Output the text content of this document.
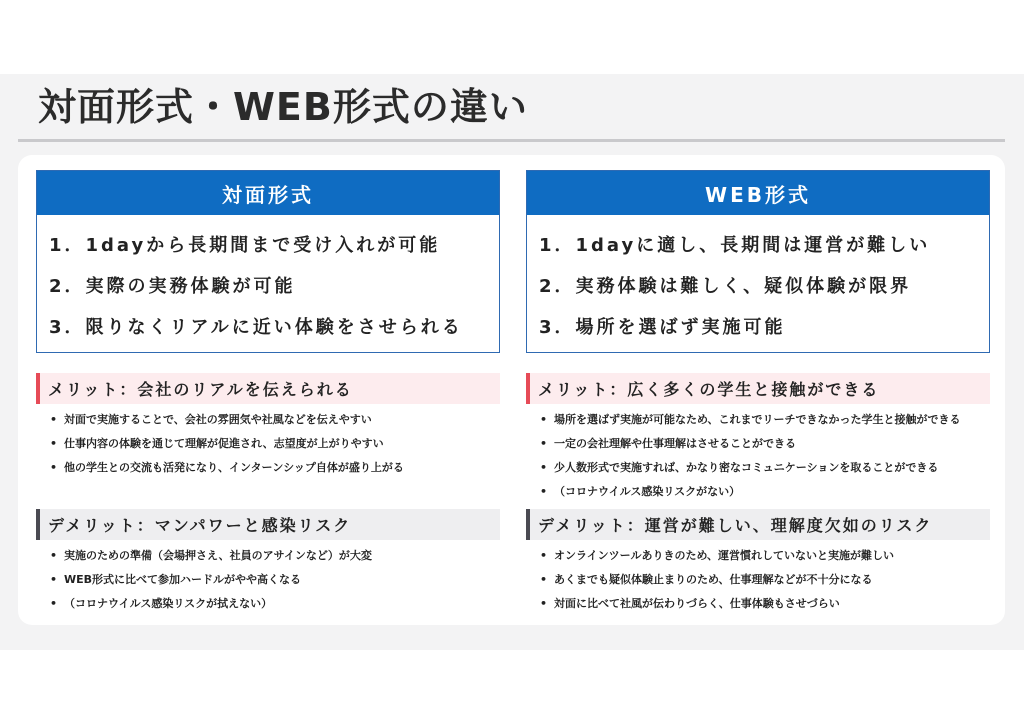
対面形式・WEB形式の違い
対面形式
1．1dayから長期間まで受け入れが可能
2．実際の実務体験が可能
3．限りなくリアルに近い体験をさせられる
メリット：会社のリアルを伝えられる
• 対面で実施することで、会社の雰囲気や社風などを伝えやすい
• 仕事内容の体験を通じて理解が促進され、志望度が上がりやすい
• 他の学生との交流も活発になり、インターンシップ自体が盛り上がる
デメリット：マンパワーと感染リスク
• 実施のための準備（会場押さえ、社員のアサインなど）が大変
• WEB形式に比べて参加ハードルがやや高くなる
• （コロナウイルス感染リスクが拭えない）
WEB形式
1．1dayに適し、長期間は運営が難しい
2．実務体験は難しく、疑似体験が限界
3．場所を選ばず実施可能
メリット：広く多くの学生と接触ができる
• 場所を選ばず実施が可能なため、これまでリーチできなかった学生と接触ができる
• 一定の会社理解や仕事理解はさせることができる
• 少人数形式で実施すれば、かなり密なコミュニケーションを取ることができる
• （コロナウイルス感染リスクがない）
デメリット：運営が難しい、理解度欠如のリスク
• オンラインツールありきのため、運営慣れしていないと実施が難しい
• あくまでも疑似体験止まりのため、仕事理解などが不十分になる
• 対面に比べて社風が伝わりづらく、仕事体験もさせづらい
